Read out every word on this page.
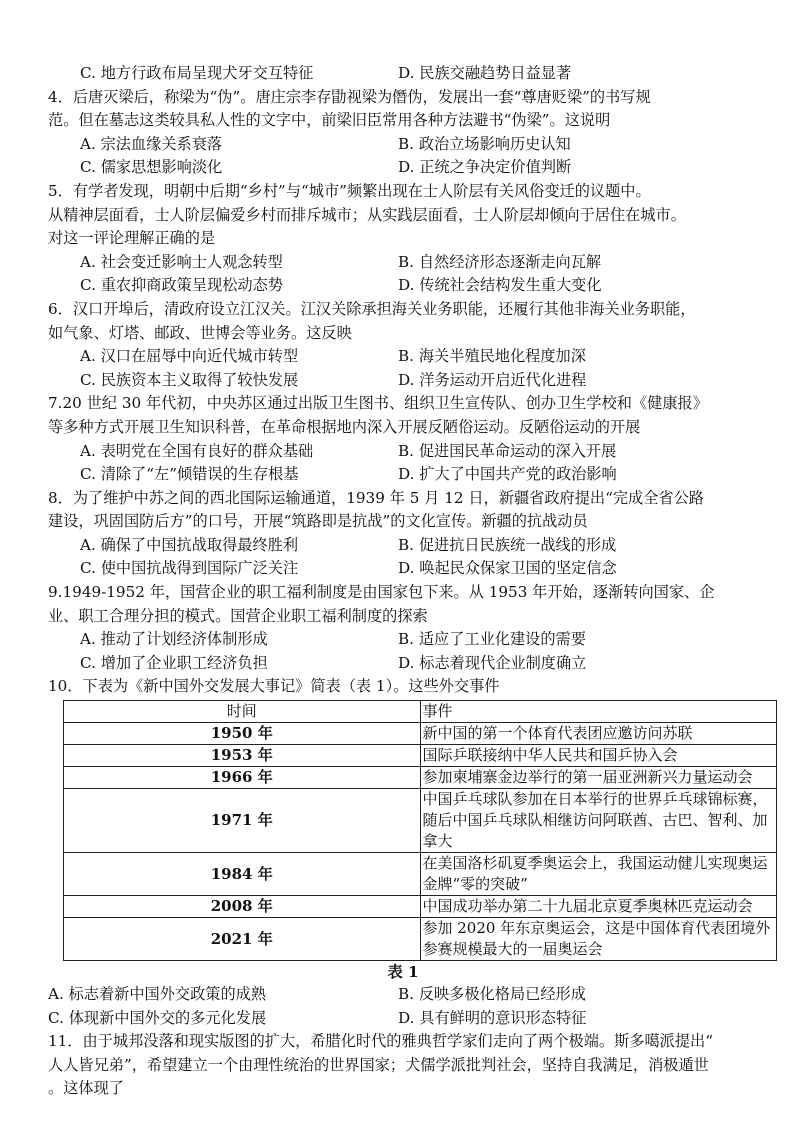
C. 地方行政布局呈现犬牙交互特征	D. 民族交融趋势日益显著
4．后唐灭梁后，称梁为“伪”。唐庄宗李存勖视梁为僭伪，发展出一套“尊唐贬梁”的书写规
范。但在墓志这类较具私人性的文字中，前梁旧臣常用各种方法避书“伪梁”。这说明
A. 宗法血缘关系衰落	B. 政治立场影响历史认知
C. 儒家思想影响淡化	D. 正统之争决定价值判断
5．有学者发现，明朝中后期“乡村”与“城市”频繁出现在士人阶层有关风俗变迁的议题中。
从精神层面看，士人阶层偏爱乡村而排斥城市；从实践层面看，士人阶层却倾向于居住在城市。
对这一评论理解正确的是
A. 社会变迁影响士人观念转型	B. 自然经济形态逐渐走向瓦解
C. 重农抑商政策呈现松动态势	D. 传统社会结构发生重大变化
6．汉口开埠后，清政府设立江汉关。江汉关除承担海关业务职能，还履行其他非海关业务职能，
如气象、灯塔、邮政、世博会等业务。这反映
A. 汉口在屈辱中向近代城市转型	B. 海关半殖民地化程度加深
C. 民族资本主义取得了较快发展	D. 洋务运动开启近代化进程
7.20 世纪 30 年代初，中央苏区通过出版卫生图书、组织卫生宣传队、创办卫生学校和《健康报》
等多种方式开展卫生知识科普，在革命根据地内深入开展反陋俗运动。反陋俗运动的开展
A. 表明党在全国有良好的群众基础	B. 促进国民革命运动的深入开展
C. 清除了“左”倾错误的生存根基	D. 扩大了中国共产党的政治影响
8．为了维护中苏之间的西北国际运输通道，1939 年 5 月 12 日，新疆省政府提出“完成全省公路
建设，巩固国防后方”的口号，开展“筑路即是抗战”的文化宣传。新疆的抗战动员
A. 确保了中国抗战取得最终胜利	B. 促进抗日民族统一战线的形成
C. 使中国抗战得到国际广泛关注	D. 唤起民众保家卫国的坚定信念
9.1949-1952 年，国营企业的职工福利制度是由国家包下来。从 1953 年开始，逐渐转向国家、企
业、职工合理分担的模式。国营企业职工福利制度的探索
A. 推动了计划经济体制形成	B. 适应了工业化建设的需要
C. 增加了企业职工经济负担	D. 标志着现代企业制度确立
10．下表为《新中国外交发展大事记》简表（表 1）。这些外交事件
时间	事件
1950 年	新中国的第一个体育代表团应邀访问苏联
1953 年	国际乒联接纳中华人民共和国乒协入会
1966 年	参加柬埔寨金边举行的第一届亚洲新兴力量运动会
1971 年	中国乒乓球队参加在日本举行的世界乒乓球锦标赛，随后中国乒乓球队相继访问阿联酋、古巴、智利、加拿大
1984 年	在美国洛杉矶夏季奥运会上，我国运动健儿实现奥运金牌“零的突破”
2008 年	中国成功举办第二十九届北京夏季奥林匹克运动会
2021 年	参加 2020 年东京奥运会，这是中国体育代表团境外参赛规模最大的一届奥运会
表 1
A. 标志着新中国外交政策的成熟	B. 反映多极化格局已经形成
C. 体现新中国外交的多元化发展	D. 具有鲜明的意识形态特征
11．由于城邦没落和现实版图的扩大，希腊化时代的雅典哲学家们走向了两个极端。斯多噶派提出“
人人皆兄弟”，希望建立一个由理性统治的世界国家；犬儒学派批判社会，坚持自我满足，消极遁世
。这体现了
